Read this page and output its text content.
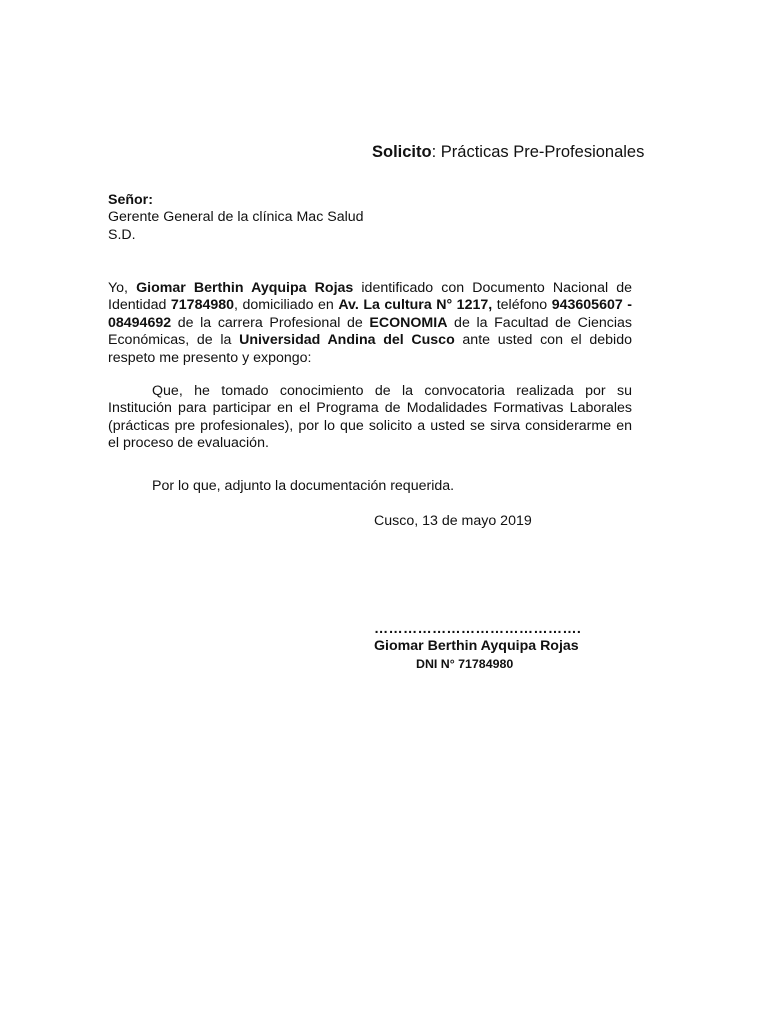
Solicito: Prácticas Pre-Profesionales
Señor:
Gerente General de la clínica Mac Salud
S.D.
Yo, Giomar Berthin Ayquipa Rojas identificado con Documento Nacional de Identidad 71784980, domiciliado en Av. La cultura N° 1217, teléfono 943605607 - 08494692 de la carrera Profesional de ECONOMIA de la Facultad de Ciencias Económicas, de la Universidad Andina del Cusco ante usted con el debido respeto me presento y expongo:
Que, he tomado conocimiento de la convocatoria realizada por su Institución para participar en el Programa de Modalidades Formativas Laborales (prácticas pre profesionales), por lo que solicito a usted se sirva considerarme en el proceso de evaluación.
Por lo que, adjunto la documentación requerida.
Cusco, 13 de mayo 2019
…………………………………….
Giomar Berthin Ayquipa Rojas
DNI N° 71784980
